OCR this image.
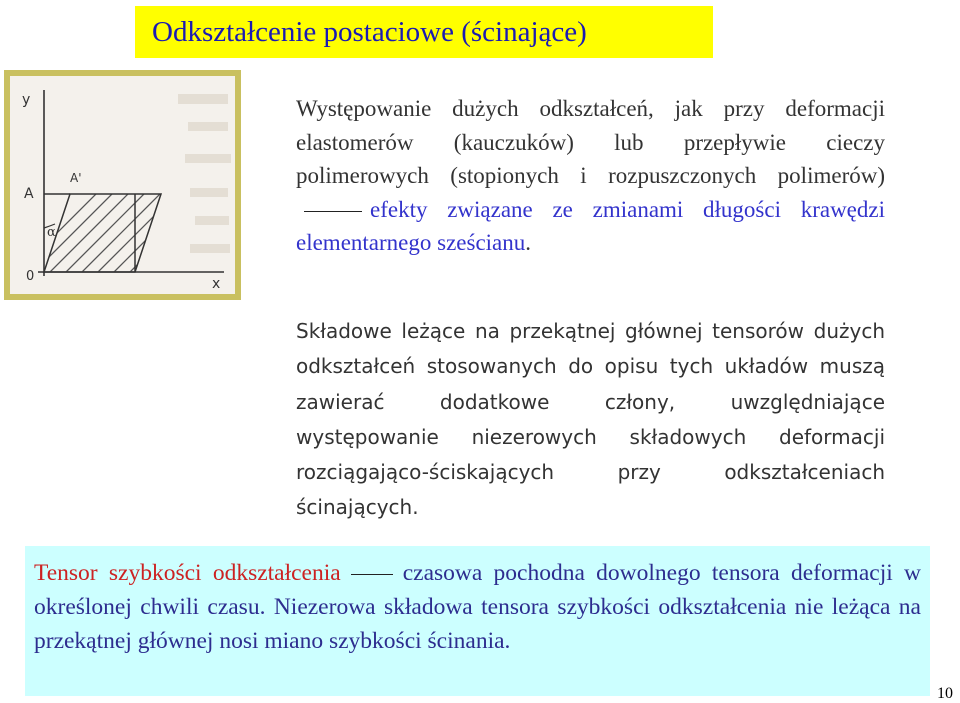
Odkształcenie postaciowe (ścinające)
y
x
A
A'
α
0

Występowanie dużych odkształceń, jak przy deformacji elastomerów (kauczuków) lub przepływie cieczy polimerowych (stopionych i rozpuszczonych polimerów)efekty związane ze zmianami długości krawędzi elementarnego sześcianu.

Składowe leżące na przekątnej głównej tensorów dużych odkształceń stosowanych do opisu tych układów muszą zawierać dodatkowe człony, uwzględniające występowanie niezerowych składowych deformacji rozciągająco-ściskających przy odkształceniach ścinających.

Tensor szybkości odkształcenia	czasowa pochodna dowolnego tensora deformacji w określonej chwili czasu. Niezerowa składowa tensora szybkości odkształcenia nie leżąca na przekątnej głównej nosi miano szybkości ścinania.

10
